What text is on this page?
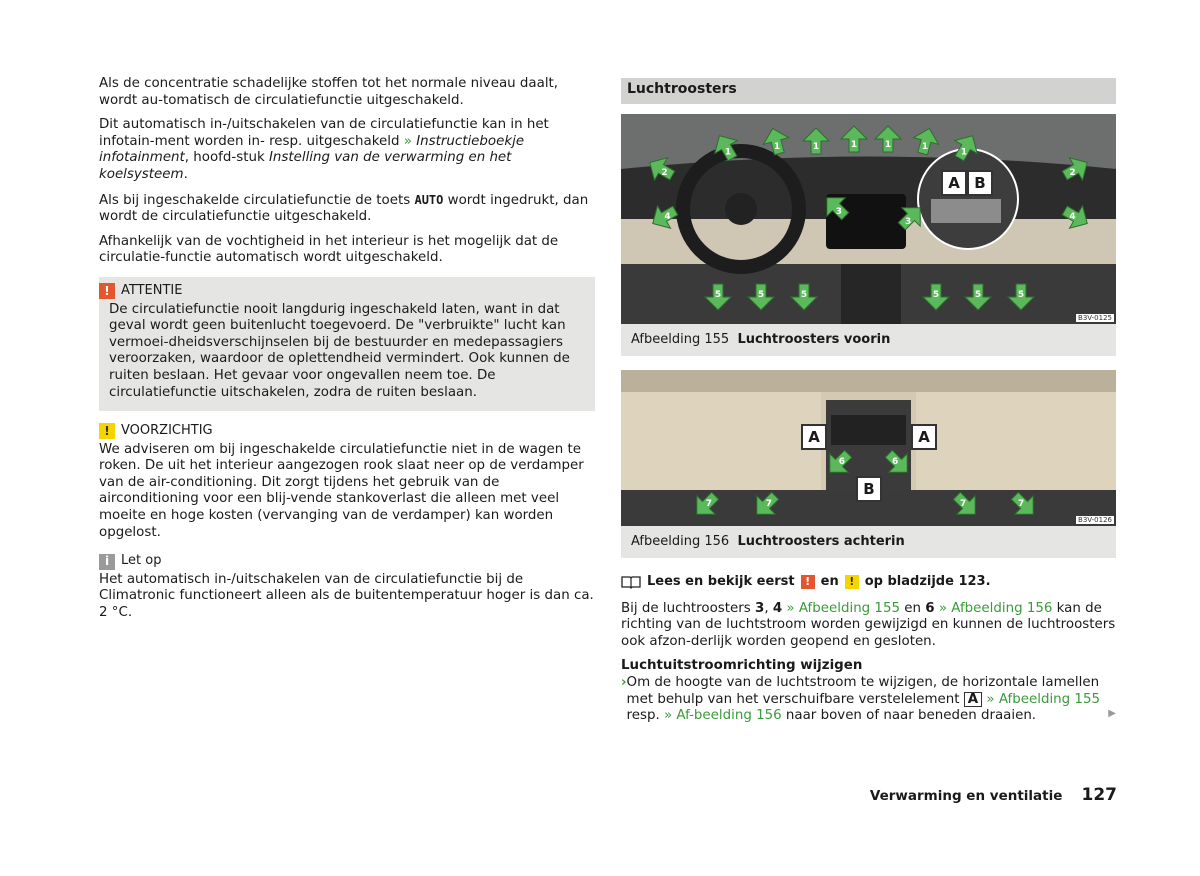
Als de concentratie schadelijke stoffen tot het normale niveau daalt, wordt au-tomatisch de circulatiefunctie uitgeschakeld.

Dit automatisch in-/uitschakelen van de circulatiefunctie kan in het infotain-ment worden in- resp. uitgeschakeld » Instructieboekje infotainment, hoofd-stuk Instelling van de verwarming en het koelsysteem.

Als bij ingeschakelde circulatiefunctie de toets AUTO wordt ingedrukt, dan wordt de circulatiefunctie uitgeschakeld.

Afhankelijk van de vochtigheid in het interieur is het mogelijk dat de circulatie-functie automatisch wordt uitgeschakeld.

! ATTENTIE
De circulatiefunctie nooit langdurig ingeschakeld laten, want in dat geval wordt geen buitenlucht toegevoerd. De "verbruikte" lucht kan vermoei-dheidsverschijnselen bij de bestuurder en medepassagiers veroorzaken, waardoor de oplettendheid vermindert. Ook kunnen de ruiten beslaan. Het gevaar voor ongevallen neem toe. De circulatiefunctie uitschakelen, zodra de ruiten beslaan.
! VOORZICHTIG
We adviseren om bij ingeschakelde circulatiefunctie niet in de wagen te roken. De uit het interieur aangezogen rook slaat neer op de verdamper van de air-conditioning. Dit zorgt tijdens het gebruik van de airconditioning voor een blij-vende stankoverlast die alleen met veel moeite en hoge kosten (vervanging van de verdamper) kan worden opgelost.
i Let op
Het automatisch in-/uitschakelen van de circulatiefunctie bij de Climatronic functioneert alleen als de buitentemperatuur hoger is dan ca. 2 °C.
Luchtroosters
A B
1
1	1	1	1	1
1
2	2
3
3
4	4
5	5	5	5	5	5
B3V-0125
Afbeelding 155 Luchtroosters voorin
A	A
B
6	6
7	7	7	7
B3V-0126
Afbeelding 156 Luchtroosters achterin
Lees en bekijk eerst ! en ! op bladzijde 123.

Bij de luchtroosters 3, 4 » Afbeelding 155 en 6 » Afbeelding 156 kan de richting van de luchtstroom worden gewijzigd en kunnen de luchtroosters ook afzon-derlijk worden geopend en gesloten.

Luchtuitstroomrichting wijzigen
› Om de hoogte van de luchtstroom te wijzigen, de horizontale lamellen met behulp van het verschuifbare verstelelement A » Afbeelding 155 resp. » Af-beelding 156 naar boven of naar beneden draaien.	▶
Verwarming en ventilatie 127
